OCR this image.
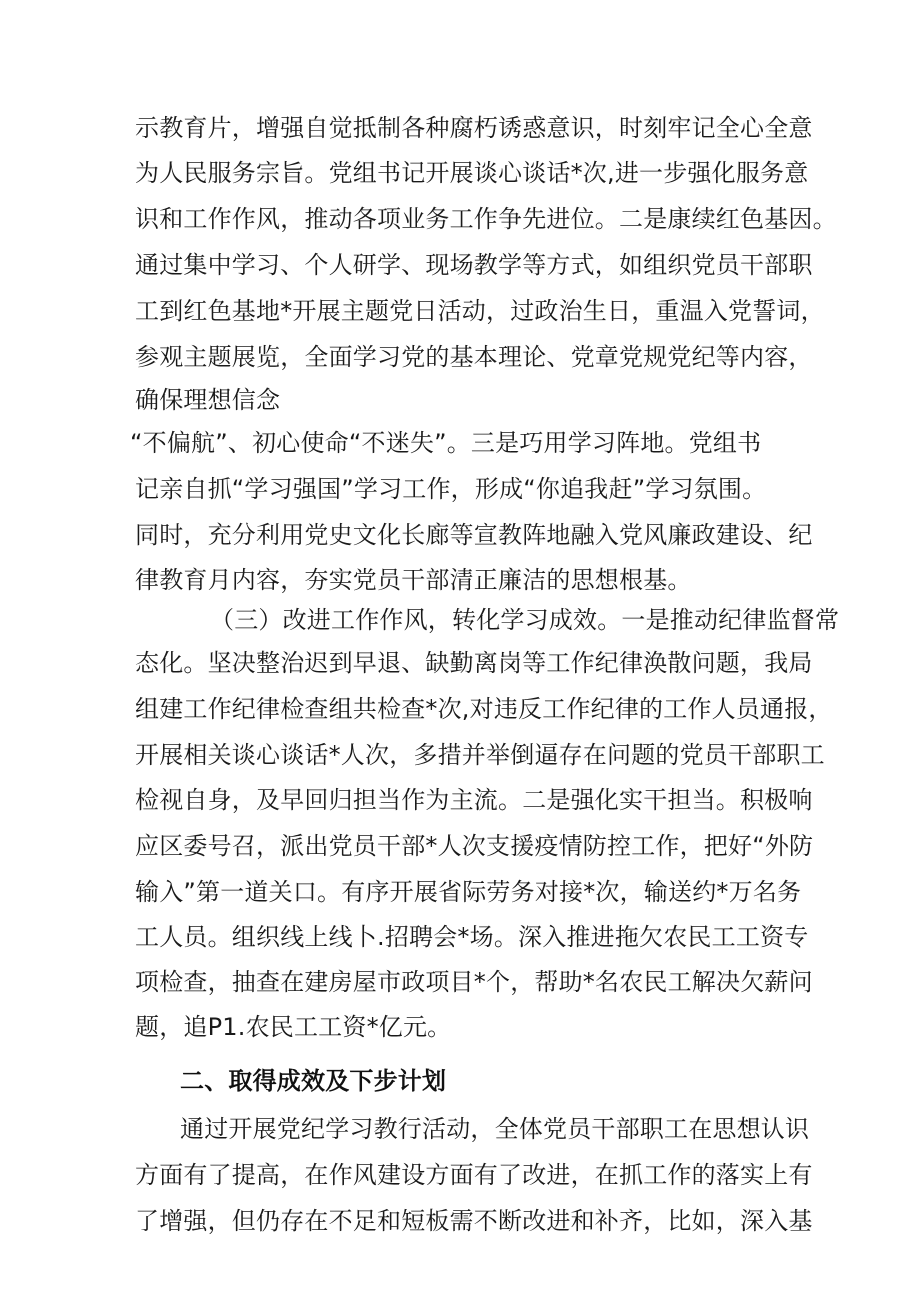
示教育片，增强自觉抵制各种腐朽诱惑意识，时刻牢记全心全意
为人民服务宗旨。党组书记开展谈心谈话*次,进一步强化服务意
识和工作作风，推动各项业务工作争先进位。二是康续红色基因。
通过集中学习、个人研学、现场教学等方式，如组织党员干部职
工到红色基地*开展主题党日活动，过政治生日，重温入党誓词，
参观主题展览，全面学习党的基本理论、党章党规党纪等内容，
确保理想信念
“不偏航”、初心使命“不迷失”。三是巧用学习阵地。党组书
记亲自抓“学习强国”学习工作，形成“你追我赶”学习氛围。
同时，充分利用党史文化长廊等宣教阵地融入党风廉政建设、纪
律教育月内容，夯实党员干部清正廉洁的思想根基。
（三）改进工作作风，转化学习成效。一是推动纪律监督常
态化。坚决整治迟到早退、缺勤离岗等工作纪律涣散问题，我局
组建工作纪律检查组共检查*次,对违反工作纪律的工作人员通报，
开展相关谈心谈话*人次，多措并举倒逼存在问题的党员干部职工
检视自身，及早回归担当作为主流。二是强化实干担当。积极响
应区委号召，派出党员干部*人次支援疫情防控工作，把好“外防
输入”第一道关口。有序开展省际劳务对接*次，输送约*万名务
工人员。组织线上线卜.招聘会*场。深入推进拖欠农民工工资专
项检查，抽查在建房屋市政项目*个，帮助*名农民工解决欠薪问
题，追P1.农民工工资*亿元。
二、取得成效及下步计划
通过开展党纪学习教行活动，全体党员干部职工在思想认识
方面有了提高，在作风建设方面有了改进，在抓工作的落实上有
了增强，但仍存在不足和短板需不断改进和补齐，比如，深入基
